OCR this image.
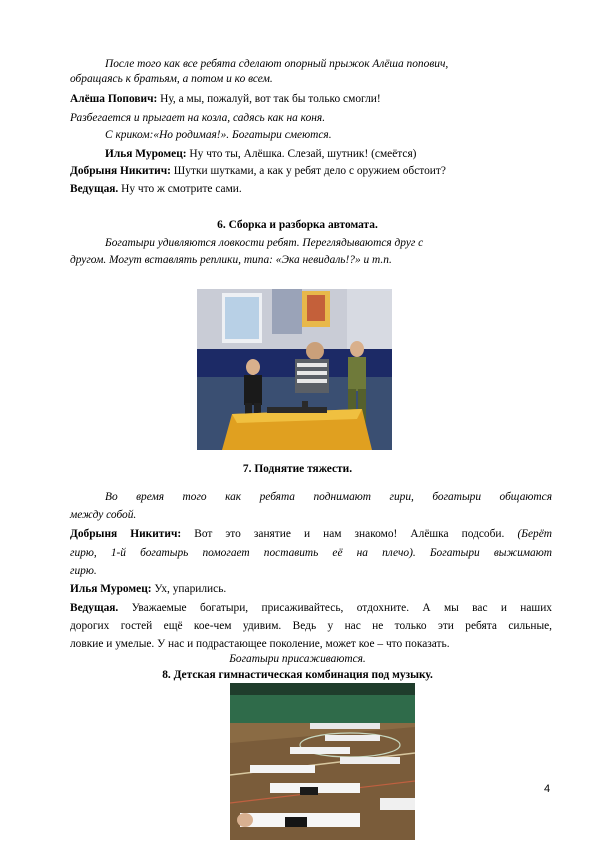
После того как все ребята сделают опорный прыжок Алёша попович,
обращаясь к братьям, а потом и ко всем.
Алёша Попович: Ну, а мы, пожалуй, вот так бы только смогли!
Разбегается и прыгает на козла, садясь как на коня.
С криком:«Но родимая!». Богатыри смеются.
Илья Муромец: Ну что ты, Алёшка. Слезай, шутник! (смеётся)
Добрыня Никитич: Шутки шутками, а как у ребят дело с оружием обстоит?
Ведущая. Ну что ж смотрите сами.
6. Сборка и разборка автомата.
Богатыри удивляются ловкости ребят. Переглядываются друг с
другом. Могут вставлять реплики, типа: «Эка невидаль!?» и т.п.
7. Поднятие тяжести.
Во время того как ребята поднимают гири, богатыри общаются
между собой.
Добрыня Никитич: Вот это занятие и нам знакомо! Алёшка подсоби. (Берёт
гирю, 1-й богатырь помогает поставить её на плечо). Богатыри выжимают
гирю.
Илья Муромец: Ух, упарились.
Ведущая. Уважаемые богатыри, присаживайтесь, отдохните. А мы вас и наших
дорогих гостей ещё кое-чем удивим. Ведь у нас не только эти ребята сильные,
ловкие и умелые. У нас и подрастающее поколение, может кое – что показать.
Богатыри присаживаются.
8. Детская гимнастическая комбинация под музыку.
4
